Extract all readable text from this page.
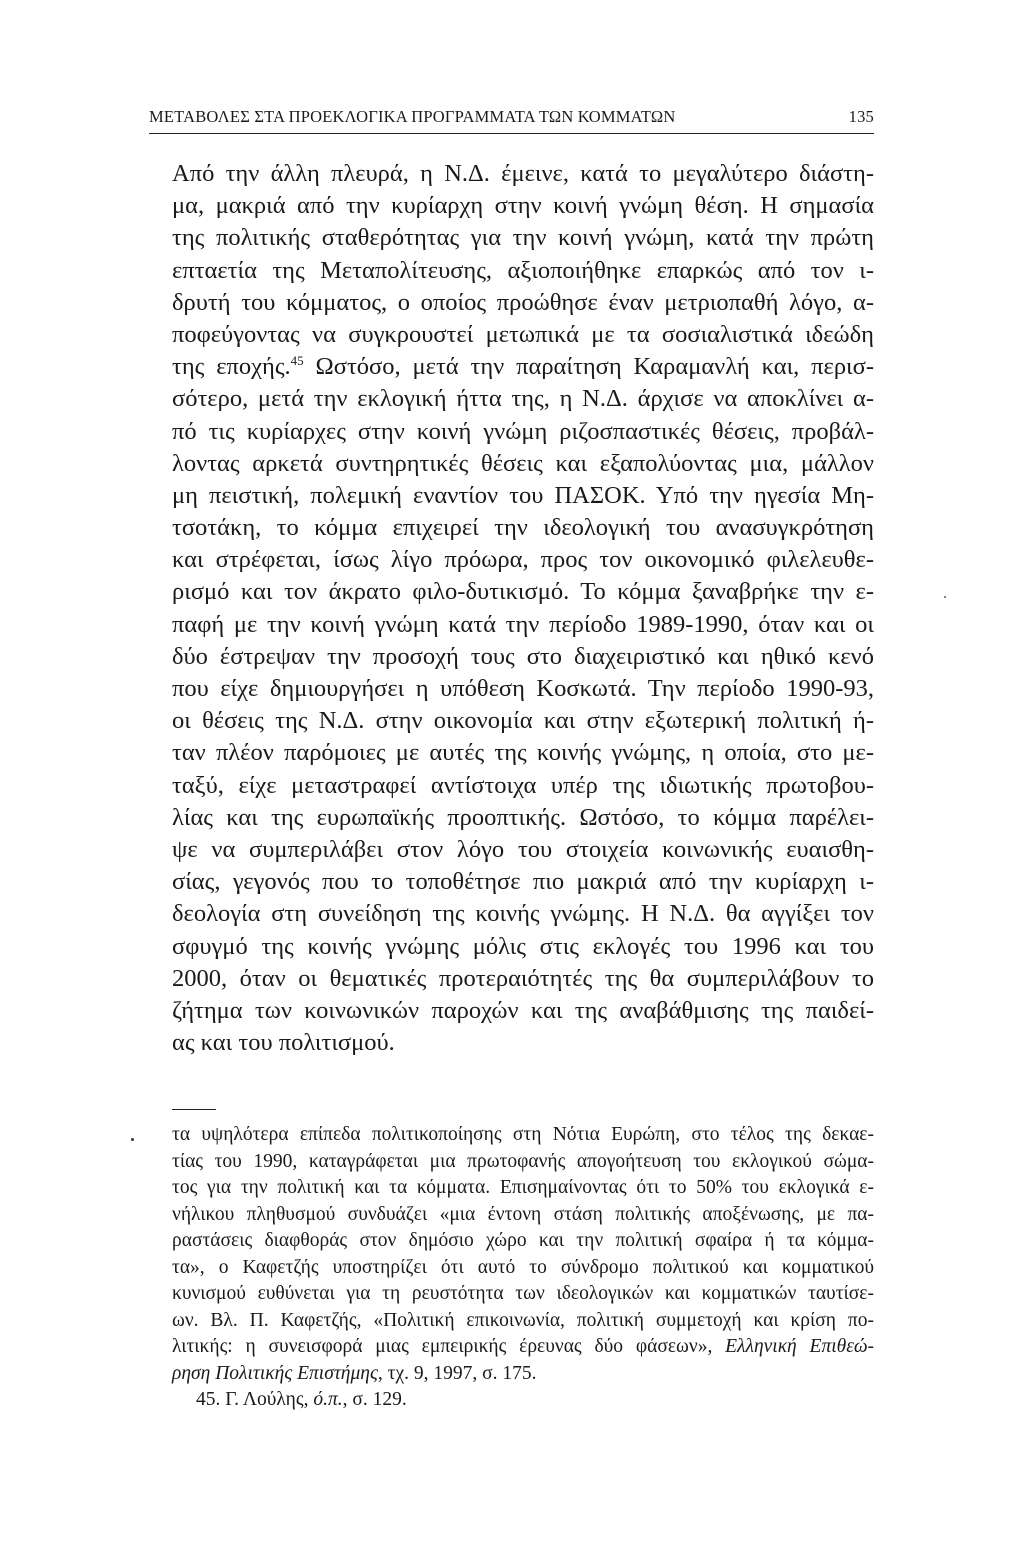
ΜΕΤΑΒΟΛΕΣ ΣΤΑ ΠΡΟΕΚΛΟΓΙΚΑ ΠΡΟΓΡΑΜΜΑΤΑ ΤΩΝ ΚΟΜΜΑΤΩΝ	135
Από την άλλη πλευρά, η Ν.Δ. έμεινε, κατά το μεγαλύτερο διάστη-
μα, μακριά από την κυρίαρχη στην κοινή γνώμη θέση. Η σημασία
της πολιτικής σταθερότητας για την κοινή γνώμη, κατά την πρώτη
επταετία της Μεταπολίτευσης, αξιοποιήθηκε επαρκώς από τον ι-
δρυτή του κόμματος, ο οποίος προώθησε έναν μετριοπαθή λόγο, α-
ποφεύγοντας να συγκρουστεί μετωπικά με τα σοσιαλιστικά ιδεώδη
της εποχής.$^{45}$ Ωστόσο, μετά την παραίτηση Καραμανλή και, περισ-
σότερο, μετά την εκλογική ήττα της, η Ν.Δ. άρχισε να αποκλίνει α-
πό τις κυρίαρχες στην κοινή γνώμη ριζοσπαστικές θέσεις, προβάλ-
λοντας αρκετά συντηρητικές θέσεις και εξαπολύοντας μια, μάλλον
μη πειστική, πολεμική εναντίον του ΠΑΣΟΚ. Υπό την ηγεσία Μη-
τσοτάκη, το κόμμα επιχειρεί την ιδεολογική του ανασυγκρότηση
και στρέφεται, ίσως λίγο πρόωρα, προς τον οικονομικό φιλελευθε-
ρισμό και τον άκρατο φιλο-δυτικισμό. Το κόμμα ξαναβρήκε την ε-
παφή με την κοινή γνώμη κατά την περίοδο 1989-1990, όταν και οι
δύο έστρεψαν την προσοχή τους στο διαχειριστικό και ηθικό κενό
που είχε δημιουργήσει η υπόθεση Κοσκωτά. Την περίοδο 1990-93,
οι θέσεις της Ν.Δ. στην οικονομία και στην εξωτερική πολιτική ή-
ταν πλέον παρόμοιες με αυτές της κοινής γνώμης, η οποία, στο με-
ταξύ, είχε μεταστραφεί αντίστοιχα υπέρ της ιδιωτικής πρωτοβου-
λίας και της ευρωπαϊκής προοπτικής. Ωστόσο, το κόμμα παρέλει-
ψε να συμπεριλάβει στον λόγο του στοιχεία κοινωνικής ευαισθη-
σίας, γεγονός που το τοποθέτησε πιο μακριά από την κυρίαρχη ι-
δεολογία στη συνείδηση της κοινής γνώμης. Η Ν.Δ. θα αγγίξει τον
σφυγμό της κοινής γνώμης μόλις στις εκλογές του 1996 και του
2000, όταν οι θεματικές προτεραιότητές της θα συμπεριλάβουν το
ζήτημα των κοινωνικών παροχών και της αναβάθμισης της παιδεί-
ας και του πολιτισμού.
τα υψηλότερα επίπεδα πολιτικοποίησης στη Νότια Ευρώπη, στο τέλος της δεκαε-
τίας του 1990, καταγράφεται μια πρωτοφανής απογοήτευση του εκλογικού σώμα-
τος για την πολιτική και τα κόμματα. Επισημαίνοντας ότι το 50% του εκλογικά ε-
νήλικου πληθυσμού συνδυάζει «μια έντονη στάση πολιτικής αποξένωσης, με πα-
ραστάσεις διαφθοράς στον δημόσιο χώρο και την πολιτική σφαίρα ή τα κόμμα-
τα», ο Καφετζής υποστηρίζει ότι αυτό το σύνδρομο πολιτικού και κομματικού
κυνισμού ευθύνεται για τη ρευστότητα των ιδεολογικών και κομματικών ταυτίσε-
ων. Βλ. Π. Καφετζής, «Πολιτική επικοινωνία, πολιτική συμμετοχή και κρίση πο-
λιτικής: η συνεισφορά μιας εμπειρικής έρευνας δύο φάσεων», Ελληνική Επιθεώ-
ρηση Πολιτικής Επιστήμης, τχ. 9, 1997, σ. 175.
45. Γ. Λούλης, ό.π., σ. 129.
